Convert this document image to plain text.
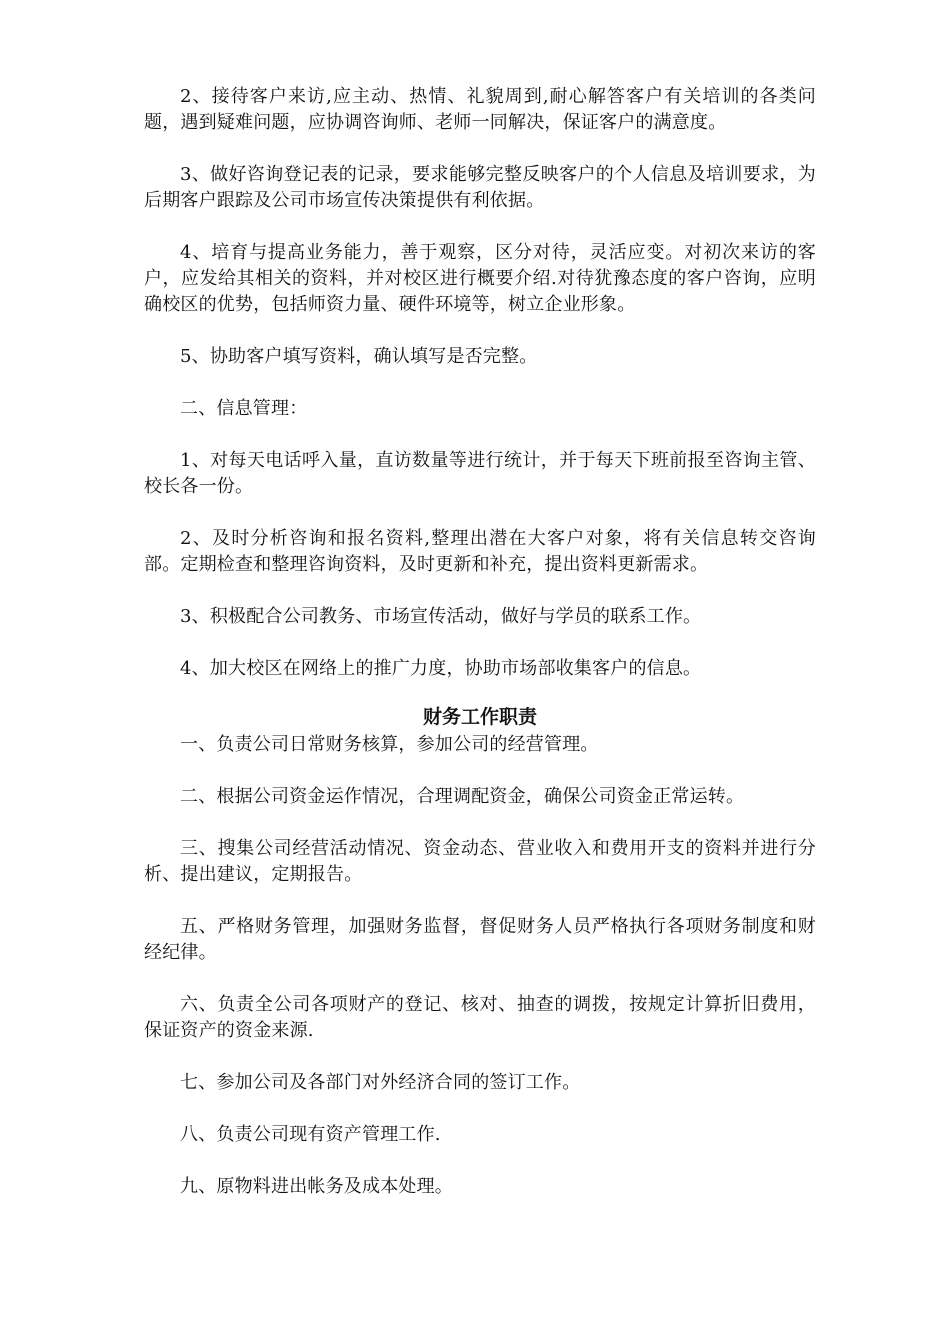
2、接待客户来访,应主动、热情、礼貌周到,耐心解答客户有关培训的各类问题，遇到疑难问题，应协调咨询师、老师一同解决，保证客户的满意度。

3、做好咨询登记表的记录，要求能够完整反映客户的个人信息及培训要求，为后期客户跟踪及公司市场宣传决策提供有利依据。

4、培育与提高业务能力，善于观察，区分对待，灵活应变。对初次来访的客户，应发给其相关的资料，并对校区进行概要介绍.对待犹豫态度的客户咨询，应明确校区的优势，包括师资力量、硬件环境等，树立企业形象。

5、协助客户填写资料，确认填写是否完整。

二、信息管理：

1、对每天电话呼入量，直访数量等进行统计，并于每天下班前报至咨询主管、校长各一份。

2、及时分析咨询和报名资料,整理出潜在大客户对象，将有关信息转交咨询部。定期检查和整理咨询资料，及时更新和补充，提出资料更新需求。

3、积极配合公司教务、市场宣传活动，做好与学员的联系工作。

4、加大校区在网络上的推广力度，协助市场部收集客户的信息。

财务工作职责

一、负责公司日常财务核算，参加公司的经营管理。

二、根据公司资金运作情况，合理调配资金，确保公司资金正常运转。

三、搜集公司经营活动情况、资金动态、营业收入和费用开支的资料并进行分析、提出建议，定期报告。

五、严格财务管理，加强财务监督，督促财务人员严格执行各项财务制度和财经纪律。

六、负责全公司各项财产的登记、核对、抽查的调拨，按规定计算折旧费用，保证资产的资金来源.

七、参加公司及各部门对外经济合同的签订工作。

八、负责公司现有资产管理工作.

九、原物料进出帐务及成本处理。
